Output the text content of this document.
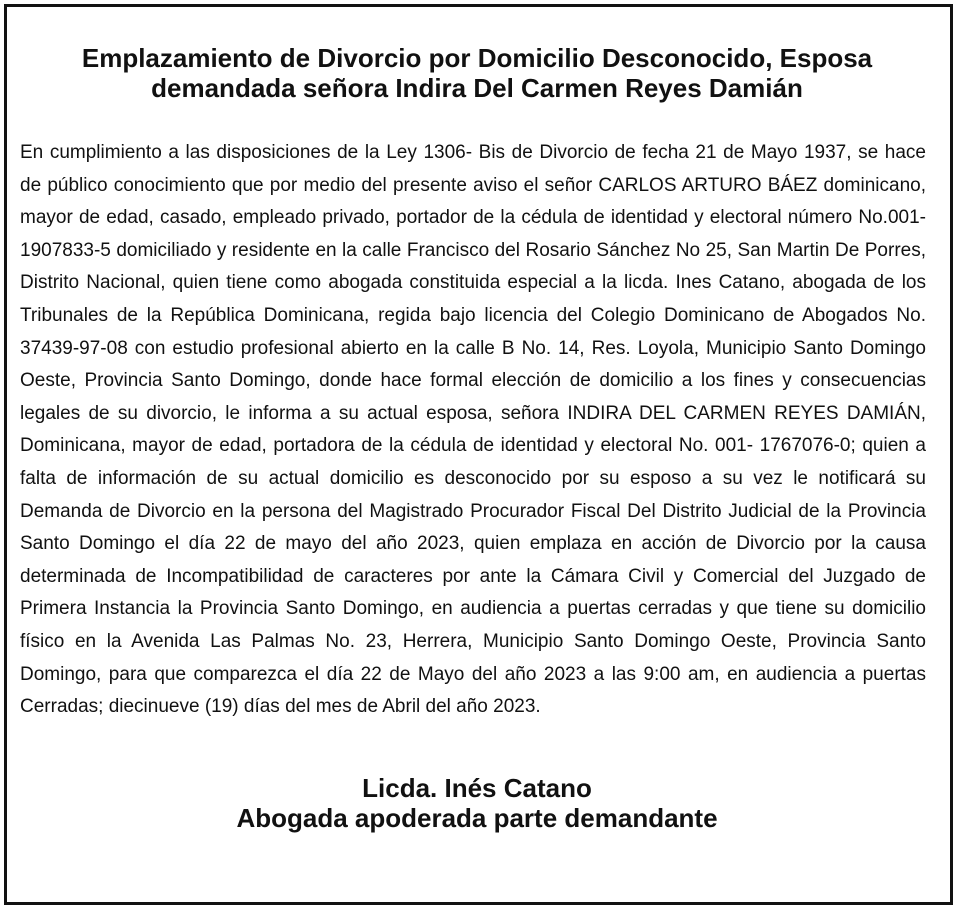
Emplazamiento de Divorcio por Domicilio Desconocido, Esposa
demandada señora Indira Del Carmen Reyes Damián

En cumplimiento a las disposiciones de la Ley 1306- Bis de Divorcio de fecha 21 de Mayo 1937, se hace de público conocimiento que por medio del presente aviso el señor CARLOS ARTURO BÁEZ dominicano, mayor de edad, casado, empleado privado, portador de la cédula de identidad y electoral número No.001-1907833-5 domiciliado y residente en la calle Francisco del Rosario Sánchez No 25, San Martin De Porres, Distrito Nacional, quien tiene como abogada constituida especial a la licda. Ines Catano, abogada de los Tribunales de la República Dominicana, regida bajo licencia del Colegio Dominicano de Abogados No. 37439-97-08 con estudio profesional abierto en la calle B No. 14, Res. Loyola, Municipio Santo Domingo Oeste, Provincia Santo Domingo, donde hace formal elección de domicilio a los fines y consecuencias legales de su divorcio, le informa a su actual esposa, señora INDIRA DEL CARMEN REYES DAMIÁN, Dominicana, mayor de edad, portadora de la cédula de identidad y electoral No. 001- 1767076-0; quien a falta de información de su actual domicilio es desconocido por su esposo a su vez le notificará su Demanda de Divorcio en la persona del Magistrado Procurador Fiscal Del Distrito Judicial de la Provincia Santo Domingo el día 22 de mayo del año 2023, quien emplaza en acción de Divorcio por la causa determinada de Incompatibilidad de caracteres por ante la Cámara Civil y Comercial del Juzgado de Primera Instancia la Provincia Santo Domingo, en audiencia a puertas cerradas y que tiene su domicilio físico en la Avenida Las Palmas No. 23, Herrera, Municipio Santo Domingo Oeste, Provincia Santo Domingo, para que comparezca el día 22 de Mayo del año 2023 a las 9:00 am, en audiencia a puertas Cerradas; diecinueve (19) días del mes de Abril del año 2023.

Licda. Inés Catano
Abogada apoderada parte demandante
